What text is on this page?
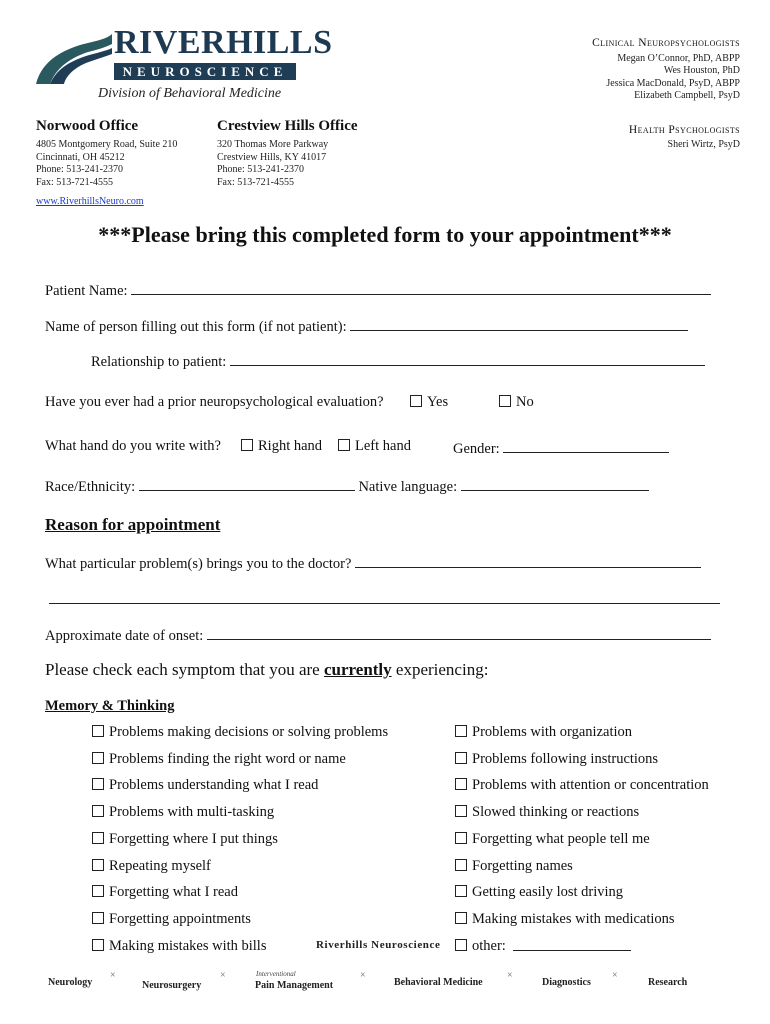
RIVERHILLS
NEUROSCIENCE
Division of Behavioral Medicine
Norwood Office
4805 Montgomery Road, Suite 210
Cincinnati, OH 45212
Phone: 513-241-2370
Fax: 513-721-4555
Crestview Hills Office
320 Thomas More Parkway
Crestview Hills, KY 41017
Phone: 513-241-2370
Fax: 513-721-4555
www.RiverhillsNeuro.com
Clinical Neuropsychologists
Megan O’Connor, PhD, ABPP
Wes Houston, PhD
Jessica MacDonald, PsyD, ABPP
Elizabeth Campbell, PsyD
Health Psychologists
Sheri Wirtz, PsyD
***Please bring this completed form to your appointment***
Patient Name:
Name of person filling out this form (if not patient):
Relationship to patient:
Have you ever had a prior neuropsychological evaluation?	Yes	No
What hand do you write with?	Right hand	Left hand	Gender:
Race/Ethnicity:	Native language:
Reason for appointment
What particular problem(s) brings you to the doctor?
Approximate date of onset:
Please check each symptom that you are currently experiencing:
Memory & Thinking
Problems making decisions or solving problems
Problems finding the right word or name
Problems understanding what I read
Problems with multi-tasking
Forgetting where I put things
Repeating myself
Forgetting what I read
Forgetting appointments
Making mistakes with bills
Problems with organization
Problems following instructions
Problems with attention or concentration
Slowed thinking or reactions
Forgetting what people tell me
Forgetting names
Getting easily lost driving
Making mistakes with medications
other:
Riverhills Neuroscience
Neurology
×
Neurosurgery
×	Interventional
Pain Management
×
Behavioral Medicine
×
Diagnostics
×
Research
